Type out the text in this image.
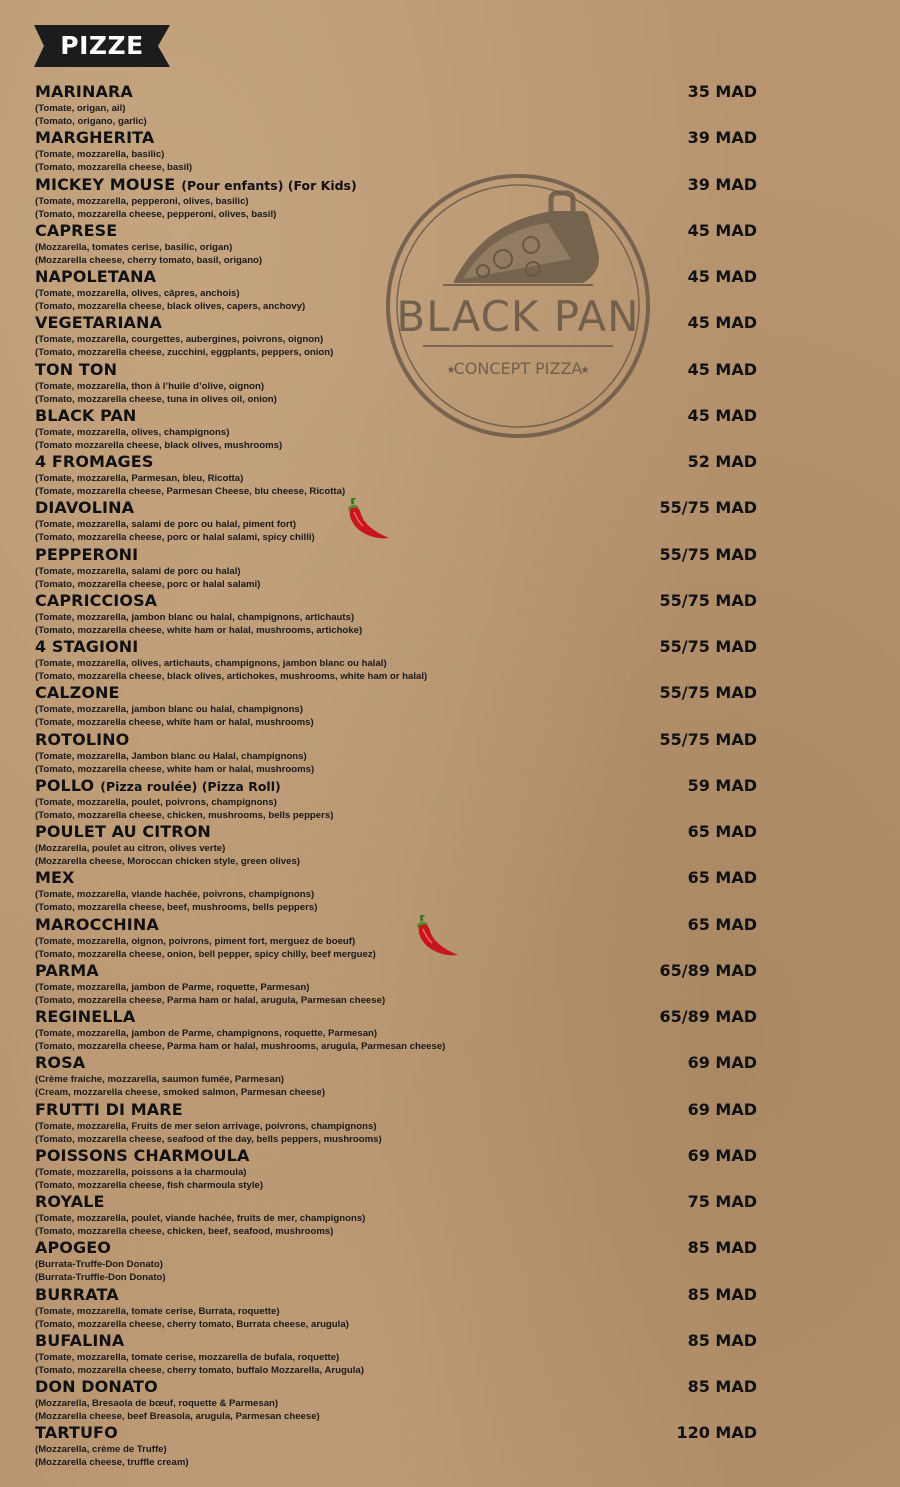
PIZZE
BLACK PAN
CONCEPT PIZZA
★	★
MARINARA	35 MAD
(Tomate, origan, ail)
(Tomato, origano, garlic)
MARGHERITA	39 MAD
(Tomate, mozzarella, basilic)
(Tomato, mozzarella cheese, basil)
MICKEY MOUSE (Pour enfants) (For Kids)	39 MAD
(Tomate, mozzarella, pepperoni, olives, basilic)
(Tomato, mozzarella cheese, pepperoni, olives, basil)
CAPRESE	45 MAD
(Mozzarella, tomates cerise, basilic, origan)
(Mozzarella cheese, cherry tomato, basil, origano)
NAPOLETANA	45 MAD
(Tomate, mozzarella, olives, câpres, anchois)
(Tomato, mozzarella cheese, black olives, capers, anchovy)
VEGETARIANA	45 MAD
(Tomate, mozzarella, courgettes, aubergines, poivrons, oignon)
(Tomato, mozzarella cheese, zucchini, eggplants, peppers, onion)
TON TON	45 MAD
(Tomate, mozzarella, thon à l’huile d’olive, oignon)
(Tomato, mozzarella cheese, tuna in olives oil, onion)
BLACK PAN	45 MAD
(Tomate, mozzarella, olives, champignons)
(Tomato mozzarella cheese, black olives, mushrooms)
4 FROMAGES	52 MAD
(Tomate, mozzarella, Parmesan, bleu, Ricotta)
(Tomate, mozzarella cheese, Parmesan Cheese, blu cheese, Ricotta)
DIAVOLINA	55/75 MAD
(Tomate, mozzarella, salami de porc ou halal, piment fort)
(Tomato, mozzarella cheese, porc or halal salami, spicy chilli)
PEPPERONI	55/75 MAD
(Tomate, mozzarella, salami de porc ou halal)
(Tomato, mozzarella cheese, porc or halal salami)
CAPRICCIOSA	55/75 MAD
(Tomate, mozzarella, jambon blanc ou halal, champignons, artichauts)
(Tomato, mozzarella cheese, white ham or halal, mushrooms, artichoke)
4 STAGIONI	55/75 MAD
(Tomate, mozzarella, olives, artichauts, champignons, jambon blanc ou halal)
(Tomato, mozzarella cheese, black olives, artichokes, mushrooms, white ham or halal)
CALZONE	55/75 MAD
(Tomate, mozzarella, jambon blanc ou halal, champignons)
(Tomate, mozzarella cheese, white ham or halal, mushrooms)
ROTOLINO	55/75 MAD
(Tomate, mozzarella, Jambon blanc ou Halal, champignons)
(Tomato, mozzarella cheese, white ham or halal, mushrooms)
POLLO (Pizza roulée) (Pizza Roll)	59 MAD
(Tomate, mozzarella, poulet, poivrons, champignons)
(Tomato, mozzarella cheese, chicken, mushrooms, bells peppers)
POULET AU CITRON	65 MAD
(Mozzarella, poulet au citron, olives verte)
(Mozzarella cheese, Moroccan chicken style, green olives)
MEX	65 MAD
(Tomate, mozzarella, viande hachée, poivrons, champignons)
(Tomato, mozzarella cheese, beef, mushrooms, bells peppers)
MAROCCHINA	65 MAD
(Tomate, mozzarella, oignon, poivrons, piment fort, merguez de boeuf)
(Tomato, mozzarella cheese, onion, bell pepper, spicy chilly, beef merguez)
PARMA	65/89 MAD
(Tomate, mozzarella, jambon de Parme, roquette, Parmesan)
(Tomato, mozzarella cheese, Parma ham or halal, arugula, Parmesan cheese)
REGINELLA	65/89 MAD
(Tomate, mozzarella, jambon de Parme, champignons, roquette, Parmesan)
(Tomato, mozzarella cheese, Parma ham or halal, mushrooms, arugula, Parmesan cheese)
ROSA	69 MAD
(Crème fraiche, mozzarella, saumon fumée, Parmesan)
(Cream, mozzarella cheese, smoked salmon, Parmesan cheese)
FRUTTI DI MARE	69 MAD
(Tomate, mozzarella, Fruits de mer selon arrivage, poivrons, champignons)
(Tomato, mozzarella cheese, seafood of the day, bells peppers, mushrooms)
POISSONS CHARMOULA	69 MAD
(Tomate, mozzarella, poissons a la charmoula)
(Tomato, mozzarella cheese, fish charmoula style)
ROYALE	75 MAD
(Tomate, mozzarella, poulet, viande hachée, fruits de mer, champignons)
(Tomato, mozzarella cheese, chicken, beef, seafood, mushrooms)
APOGEO	85 MAD
(Burrata-Truffe-Don Donato)
(Burrata-Truffle-Don Donato)
BURRATA	85 MAD
(Tomate, mozzarella, tomate cerise, Burrata, roquette)
(Tomato, mozzarella cheese, cherry tomato, Burrata cheese, arugula)
BUFALINA	85 MAD
(Tomate, mozzarella, tomate cerise, mozzarella de bufala, roquette)
(Tomato, mozzarella cheese, cherry tomato, buffalo Mozzarella, Arugula)
DON DONATO	85 MAD
(Mozzarella, Bresaola de bœuf, roquette & Parmesan)
(Mozzarella cheese, beef Breasola, arugula, Parmesan cheese)
TARTUFO	120 MAD
(Mozzarella, crème de Truffe)
(Mozzarella cheese, truffle cream)
